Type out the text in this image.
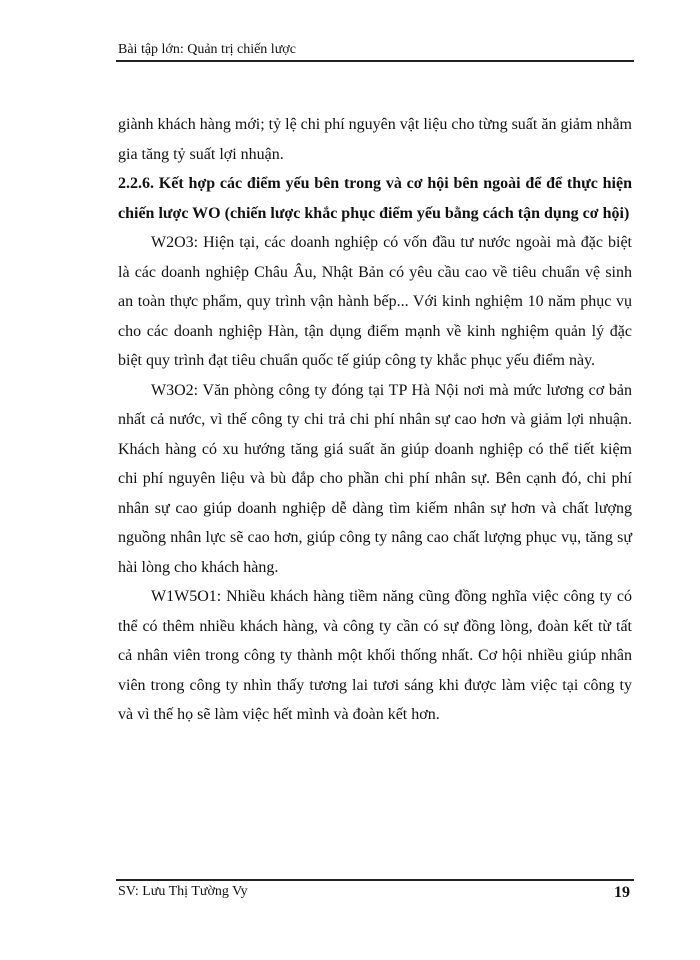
Bài tập lớn: Quản trị chiến lược

giành khách hàng mới; tỷ lệ chi phí nguyên vật liệu cho từng suất ăn giảm nhằm gia tăng tỷ suất lợi nhuận.

2.2.6. Kết hợp các điểm yếu bên trong và cơ hội bên ngoài để để thực hiện chiến lược WO (chiến lược khắc phục điểm yếu bằng cách tận dụng cơ hội)

W2O3: Hiện tại, các doanh nghiệp có vốn đầu tư nước ngoài mà đặc biệt là các doanh nghiệp Châu Âu, Nhật Bản có yêu cầu cao về tiêu chuẩn vệ sinh an toàn thực phẩm, quy trình vận hành bếp... Với kinh nghiệm 10 năm phục vụ cho các doanh nghiệp Hàn, tận dụng điểm mạnh về kinh nghiệm quản lý đặc biệt quy trình đạt tiêu chuẩn quốc tế giúp công ty khắc phục yếu điểm này.

W3O2: Văn phòng công ty đóng tại TP Hà Nội nơi mà mức lương cơ bản nhất cả nước, vì thế công ty chi trả chi phí nhân sự cao hơn và giảm lợi nhuận. Khách hàng có xu hướng tăng giá suất ăn giúp doanh nghiệp có thể tiết kiệm chi phí nguyên liệu và bù đắp cho phần chi phí nhân sự. Bên cạnh đó, chi phí nhân sự cao giúp doanh nghiệp dễ dàng tìm kiếm nhân sự hơn và chất lượng nguồng nhân lực sẽ cao hơn, giúp công ty nâng cao chất lượng phục vụ, tăng sự hài lòng cho khách hàng.

W1W5O1: Nhiều khách hàng tiềm năng cũng đồng nghĩa việc công ty có thể có thêm nhiều khách hàng, và công ty cần có sự đồng lòng, đoàn kết từ tất cả nhân viên trong công ty thành một khối thống nhất. Cơ hội nhiều giúp nhân viên trong công ty nhìn thấy tương lai tươi sáng khi được làm việc tại công ty và vì thế họ sẽ làm việc hết mình và đoàn kết hơn.

SV: Lưu Thị Tường Vy	19
